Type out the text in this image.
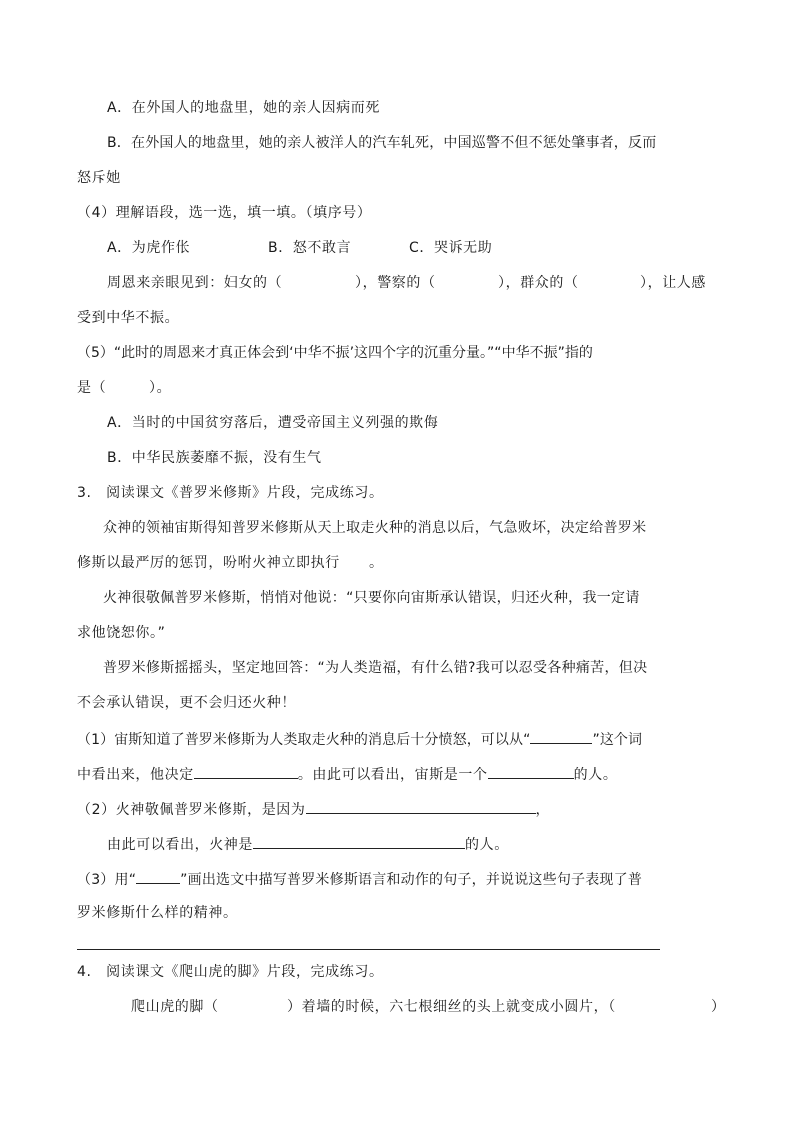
A．在外国人的地盘里，她的亲人因病而死
B．在外国人的地盘里，她的亲人被洋人的汽车轧死，中国巡警不但不惩处肇事者，反而
怒斥她
（4）理解语段，选一选，填一填。（填序号）
A．为虎作伥	B．怒不敢言	C．哭诉无助
周恩来亲眼见到：妇女的（	），警察的（	），群众的（	），让人感
受到中华不振。
（5）“此时的周恩来才真正体会到‘中华不振’这四个字的沉重分量。”“中华不振”指的
是（	）。
A．当时的中国贫穷落后，遭受帝国主义列强的欺侮
B．中华民族萎靡不振，没有生气
3.　阅读课文《普罗米修斯》片段，完成练习。
众神的领袖宙斯得知普罗米修斯从天上取走火种的消息以后，气急败坏，决定给普罗米
修斯以最严厉的惩罚，吩咐火神立即执行　　。
火神很敬佩普罗米修斯，悄悄对他说：“只要你向宙斯承认错误，归还火种，我一定请
求他饶恕你。”
普罗米修斯摇摇头，坚定地回答：“为人类造福，有什么错?我可以忍受各种痛苦，但决
不会承认错误，更不会归还火种！
（1）宙斯知道了普罗米修斯为人类取走火种的消息后十分愤怒，可以从“	”这个词
中看出来，他决定	。由此可以看出，宙斯是一个	的人。
（2）火神敬佩普罗米修斯，是因为	，
由此可以看出，火神是	的人。
（3）用“	”画出选文中描写普罗米修斯语言和动作的句子，并说说这些句子表现了普
罗米修斯什么样的精神。
4.　阅读课文《爬山虎的脚》片段，完成练习。
爬山虎的脚（	）着墙的时候，六七根细丝的头上就变成小圆片，（	）
